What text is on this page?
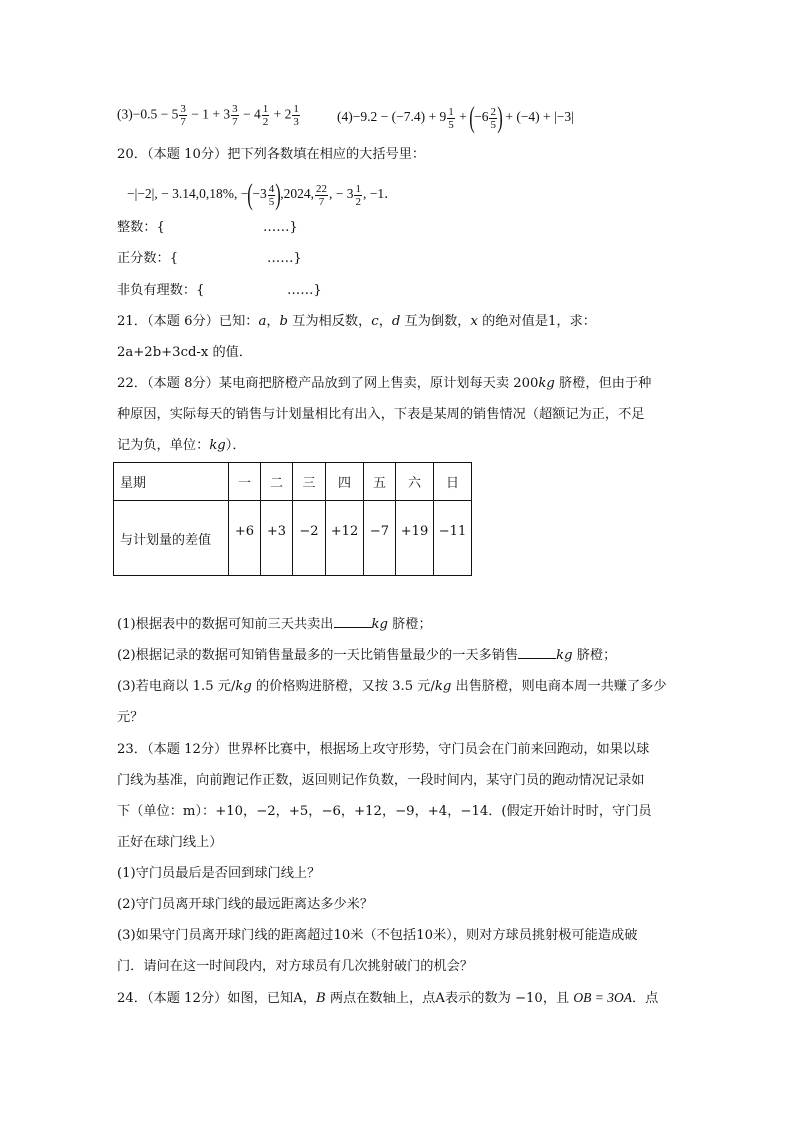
$(3)-0.5 - 5 \frac{3}{7} - 1 + 3 \frac{3}{7} - 4 \frac{1}{2} + 2 \frac{1}{3}$	$(4)-9.2 - (-7.4) + 9 \frac{1}{5} + (-6 \frac{2}{5}$ ) + (−4) + |−3|
20．（本题 10分）把下列各数填在相应的大括号里：
−|−2|, − 3.14,0,18%, $-(-3 \frac{4}{5} ),2024$, $\frac{22}{7}$ , − $3 \frac{1}{2}$ , −1．
整数：{	……}
正分数：{	……}
非负有理数：{	……}
21．（本题 6分）已知：a，b 互为相反数，c，d 互为倒数，x 的绝对值是1，求：
2a+2b+3cd-x 的值．
22．（本题 8分）某电商把脐橙产品放到了网上售卖，原计划每天卖 200kg 脐橙，但由于种
种原因，实际每天的销售与计划量相比有出入，下表是某周的销售情况（超额记为正，不足
记为负，单位：kg）．
星期	一	二	三	四	五	六	日
与计划量的差值	+6	+3	−2	+12	−7	+19	−11
(1)根据表中的数据可知前三天共卖出	kg 脐橙；
(2)根据记录的数据可知销售量最多的一天比销售量最少的一天多销售	kg 脐橙；
(3)若电商以 1.5 元/kg 的价格购进脐橙，又按 3.5 元/kg 出售脐橙，则电商本周一共赚了多少
元？
23．（本题 12分）世界杯比赛中，根据场上攻守形势，守门员会在门前来回跑动，如果以球
门线为基准，向前跑记作正数，返回则记作负数，一段时间内，某守门员的跑动情况记录如
下（单位：m）：+10，−2，+5，−6，+12，−9，+4，−14．(假定开始计时时，守门员
正好在球门线上）
(1)守门员最后是否回到球门线上？
(2)守门员离开球门线的最远距离达多少米？
(3)如果守门员离开球门线的距离超过10米（不包括10米），则对方球员挑射极可能造成破
门．请问在这一时间段内，对方球员有几次挑射破门的机会？
24．（本题 12分）如图，已知A，B 两点在数轴上，点A表示的数为 −10，且 OB = 3OA．点
